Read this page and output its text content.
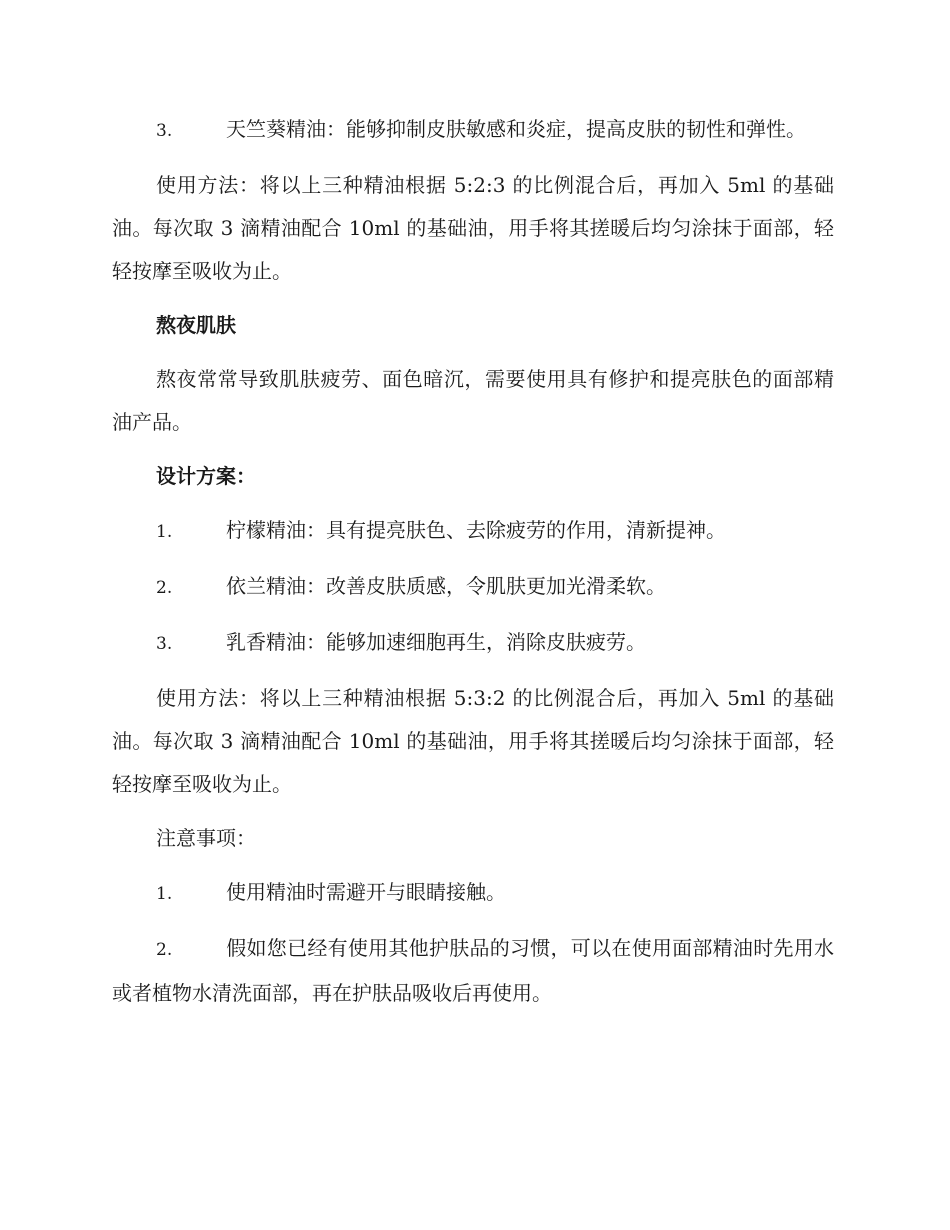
3.	天竺葵精油：能够抑制皮肤敏感和炎症，提高皮肤的韧性和弹性。

使用方法：将以上三种精油根据 5:2:3 的比例混合后，再加入 5ml 的基础油。每次取 3 滴精油配合 10ml 的基础油，用手将其搓暖后均匀涂抹于面部，轻轻按摩至吸收为止。

熬夜肌肤

熬夜常常导致肌肤疲劳、面色暗沉，需要使用具有修护和提亮肤色的面部精油产品。

设计方案：

1.	柠檬精油：具有提亮肤色、去除疲劳的作用，清新提神。

2.	依兰精油：改善皮肤质感，令肌肤更加光滑柔软。

3.	乳香精油：能够加速细胞再生，消除皮肤疲劳。

使用方法：将以上三种精油根据 5:3:2 的比例混合后，再加入 5ml 的基础油。每次取 3 滴精油配合 10ml 的基础油，用手将其搓暖后均匀涂抹于面部，轻轻按摩至吸收为止。

注意事项：

1.	使用精油时需避开与眼睛接触。

2.	假如您已经有使用其他护肤品的习惯，可以在使用面部精油时先用水或者植物水清洗面部，再在护肤品吸收后再使用。
